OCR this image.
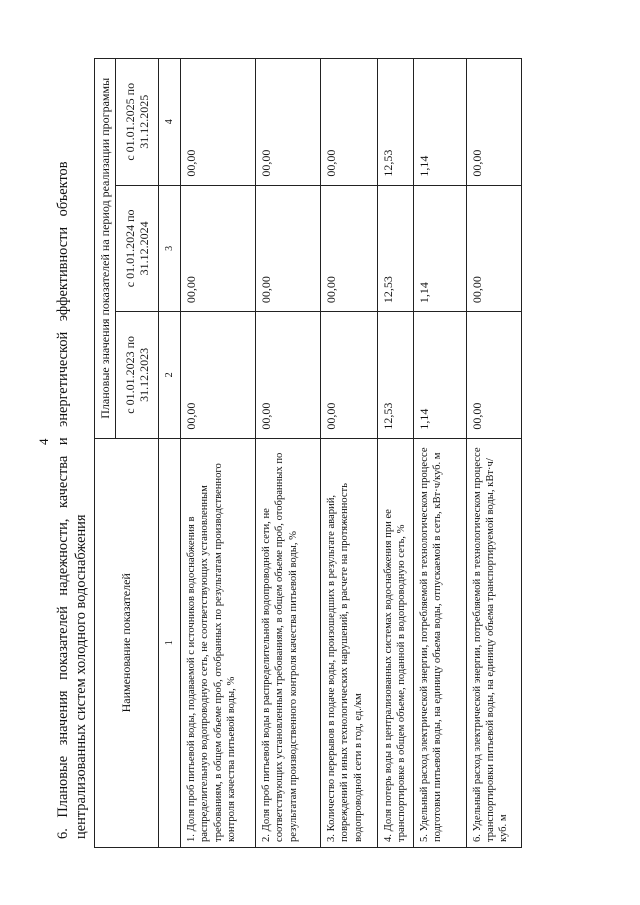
4 6. Плановые значения показателей надежности, качества и энергетической эффективности объектов централизованных систем холодного водоснабжения Наименование показателей	Плановые значения показателей на период реализации программы		
	с 01.01.2023 по 31.12.2023	с 01.01.2024 по 31.12.2024	с 01.01.2025 по 31.12.2025
1	2	3	4
1. Доля проб питьевой воды, подаваемой с источников водоснабжения в распределительную водопроводную сеть, не соответствующих установленным требованиям, в общем объеме проб, отобранных по результатам производственного контроля качества питьевой воды, %	00,00	00,00	00,00
2. Доля проб питьевой воды в распределительной водопроводной сети, не соответствующих установленным требованиям, в общем объеме проб, отобранных по результатам производственного контроля качества питьевой воды, %	00,00	00,00	00,00
3. Количество перерывов в подаче воды, произошедших в результате аварий, повреждений и иных технологических нарушений, в расчете на протяженность водопроводной сети в год, ед./км	00,00	00,00	00,00
4. Доля потерь воды в централизованных системах водоснабжения при ее транспортировке в общем объеме, поданной в водопроводную сеть, %	12,53	12,53	12,53
5. Удельный расход электрической энергии, потребляемой в технологическом процессе подготовки питьевой воды, на единицу объема воды, отпускаемой в сеть, кВт·ч/куб. м	1,14	1,14	1,14
6. Удельный расход электрической энергии, потребляемой в технологическом процессе транспортировки питьевой воды, на единицу объема транспортируемой воды, кВт·ч/куб. м	00,00	00,00	00,00
